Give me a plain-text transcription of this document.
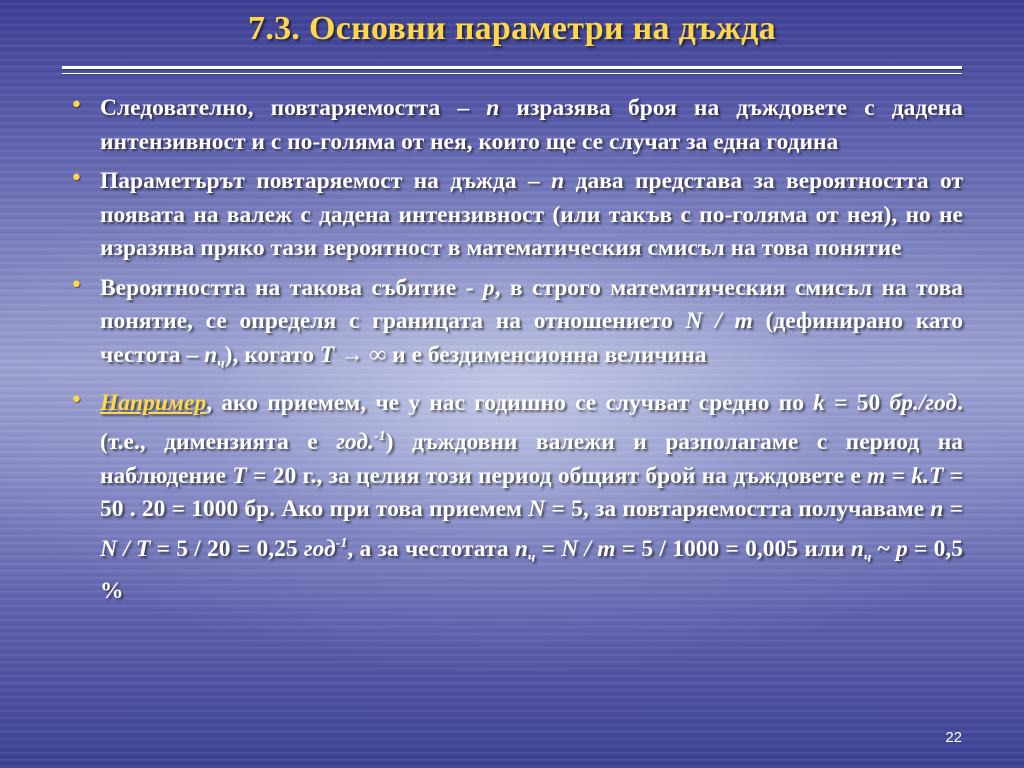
7.3. Основни параметри на дъжда
• Следователно, повтаряемостта – n изразява броя на дъждовете с дадена интензивност и с по-голяма от нея, които ще се случат за една година
• Параметърът повтаряемост на дъжда – n дава представа за вероятността от появата на валеж с дадена интензивност (или такъв с по-голяма от нея), но не изразява пряко тази вероятност в математическия смисъл на това понятие
• Вероятността на такова събитие - p, в строго математическия смисъл на това понятие, се определя с границата на отношението N / m (дефинирано като честота – $n_ч$), когато T → ∞ и е бездименсионна величина
• Например, ако приемем, че у нас годишно се случват средно по k = 50 бр./год. (т.е., димензията е год.$^{-1}$) дъждовни валежи и разполагаме с период на наблюдение T = 20 г., за целия този период общият брой на дъждовете е m = k.T = 50 . 20 = 1000 бр. Ако при това приемем N = 5, за повтаряемостта получаваме n = N / T = 5 / 20 = 0,25 год$^{-1}$, а за честотата $n_ч = N / m = 5 / 1000 = 0,005$ или $n_ч$ ~ p = 0,5 %
22
